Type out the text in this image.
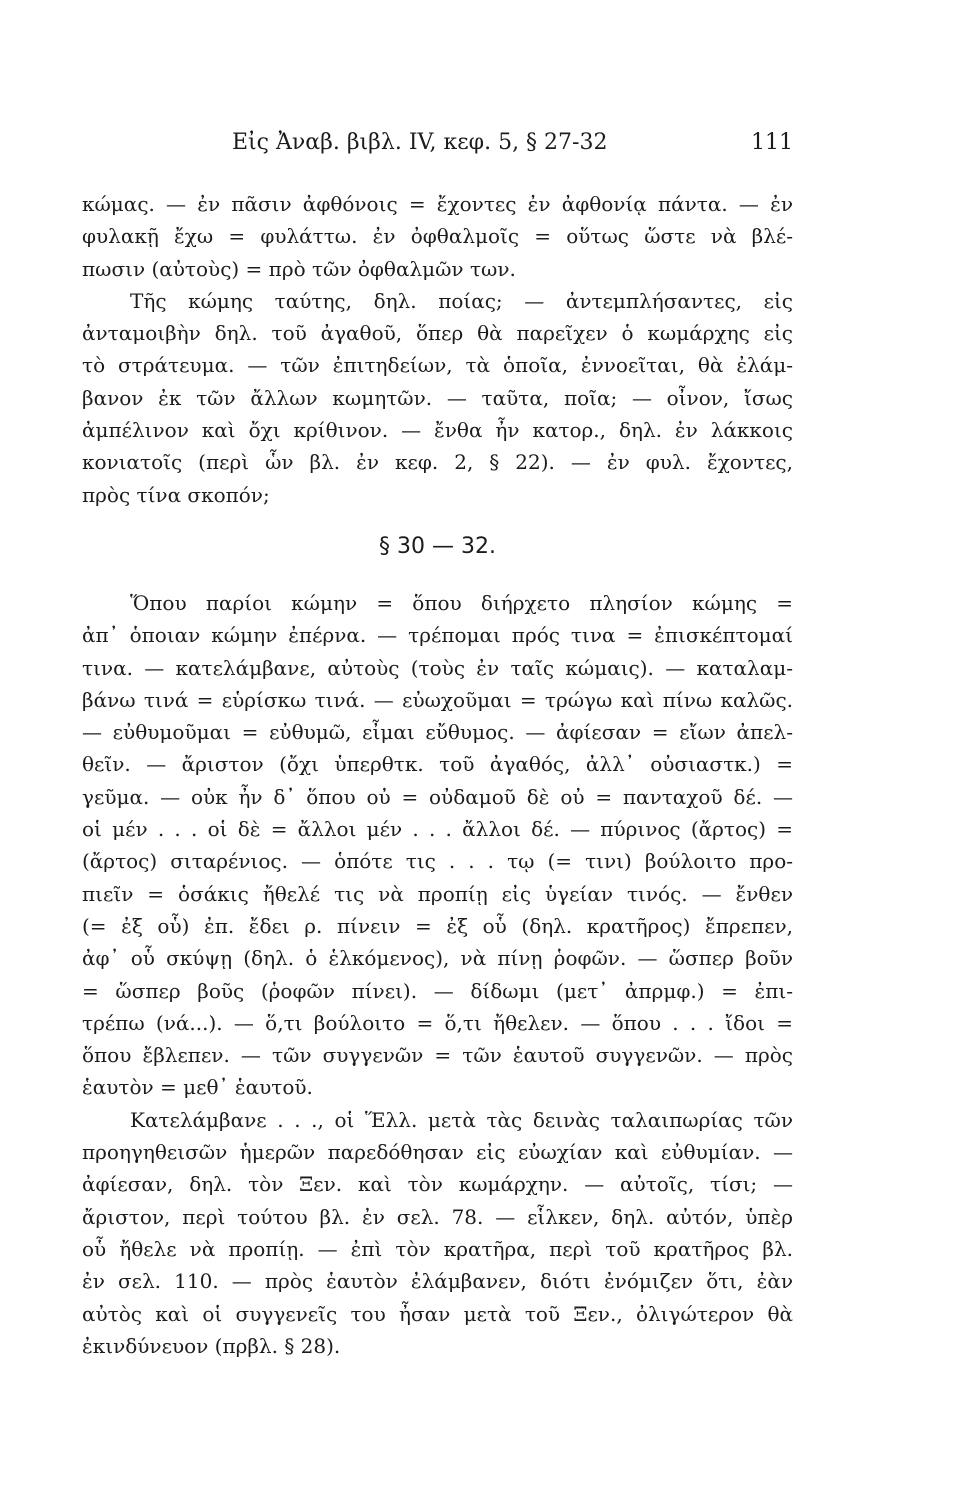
Εἰς Ἀναβ. βιβλ. IV, κεφ. 5, § 27-32	111
κώμας. — ἐν πᾶσιν ἀφθόνοις = ἔχοντες ἐν ἀφθονίᾳ πάντα. — ἐν
φυλακῇ ἔχω = φυλάττω. ἐν ὀφθαλμοῖς = οὕτως ὥστε νὰ βλέ-
πωσιν (αὐτοὺς) = πρὸ τῶν ὀφθαλμῶν των.
Τῆς κώμης ταύτης, δηλ. ποίας; — ἀντεμπλήσαντες, εἰς
ἀνταμοιβὴν δηλ. τοῦ ἀγαθοῦ, ὅπερ θὰ παρεῖχεν ὁ κωμάρχης εἰς
τὸ στράτευμα. — τῶν ἐπιτηδείων, τὰ ὁποῖα, ἐννοεῖται, θὰ ἐλάμ-
βανον ἐκ τῶν ἄλλων κωμητῶν. — ταῦτα, ποῖα; — οἶνον, ἴσως
ἀμπέλινον καὶ ὄχι κρίθινον. — ἔνθα ἦν κατορ., δηλ. ἐν λάκκοις
κονιατοῖς (περὶ ὧν βλ. ἐν κεφ. 2, § 22). — ἐν φυλ. ἔχοντες,
πρὸς τίνα σκοπόν;
§ 30 — 32.
Ὅπου παρίοι κώμην = ὅπου διήρχετο πλησίον κώμης =
ἀπ᾽ ὁποιαν κώμην ἐπέρνα. — τρέπομαι πρός τινα = ἐπισκέπτομαί
τινα. — κατελάμβανε, αὐτοὺς (τοὺς ἐν ταῖς κώμαις). — καταλαμ-
βάνω τινά = εὑρίσκω τινά. — εὐωχοῦμαι = τρώγω καὶ πίνω καλῶς.
— εὐθυμοῦμαι = εὐθυμῶ, εἶμαι εὔθυμος. — ἀφίεσαν = εἴων ἀπελ-
θεῖν. — ἄριστον (ὄχι ὑπερθτκ. τοῦ ἀγαθός, ἀλλ᾽ οὐσιαστκ.) =
γεῦμα. — οὐκ ἦν δ᾽ ὅπου οὐ = οὐδαμοῦ δὲ οὐ = πανταχοῦ δέ. —
οἱ μέν . . . οἱ δὲ = ἄλλοι μέν . . . ἄλλοι δέ. — πύρινος (ἄρτος) =
(ἄρτος) σιταρένιος. — ὁπότε τις . . . τῳ (= τινι) βούλοιτο προ-
πιεῖν = ὁσάκις ἤθελέ τις νὰ προπίῃ εἰς ὑγείαν τινός. — ἔνθεν
(= ἐξ οὗ) ἐπ. ἔδει ρ. πίνειν = ἐξ οὗ (δηλ. κρατῆρος) ἔπρεπεν,
ἀφ᾽ οὗ σκύψῃ (δηλ. ὁ ἑλκόμενος), νὰ πίνῃ ῥοφῶν. — ὥσπερ βοῦν
= ὥσπερ βοῦς (ῥοφῶν πίνει). — δίδωμι (μετ᾽ ἀπρμφ.) = ἐπι-
τρέπω (νά...). — ὅ,τι βούλοιτο = ὅ,τι ἤθελεν. — ὅπου . . . ἴδοι =
ὅπου ἔβλεπεν. — τῶν συγγενῶν = τῶν ἑαυτοῦ συγγενῶν. — πρὸς
ἑαυτὸν = μεθ᾽ ἑαυτοῦ.
Κατελάμβανε . . ., οἱ Ἕλλ. μετὰ τὰς δεινὰς ταλαιπωρίας τῶν
προηγηθεισῶν ἡμερῶν παρεδόθησαν εἰς εὐωχίαν καὶ εὐθυμίαν. —
ἀφίεσαν, δηλ. τὸν Ξεν. καὶ τὸν κωμάρχην. — αὐτοῖς, τίσι; —
ἄριστον, περὶ τούτου βλ. ἐν σελ. 78. — εἷλκεν, δηλ. αὐτόν, ὑπὲρ
οὗ ἤθελε νὰ προπίῃ. — ἐπὶ τὸν κρατῆρα, περὶ τοῦ κρατῆρος βλ.
ἐν σελ. 110. — πρὸς ἑαυτὸν ἐλάμβανεν, διότι ἐνόμιζεν ὅτι, ἐὰν
αὐτὸς καὶ οἱ συγγενεῖς του ἦσαν μετὰ τοῦ Ξεν., ὀλιγώτερον θὰ
ἐκινδύνευον (πρβλ. § 28).
